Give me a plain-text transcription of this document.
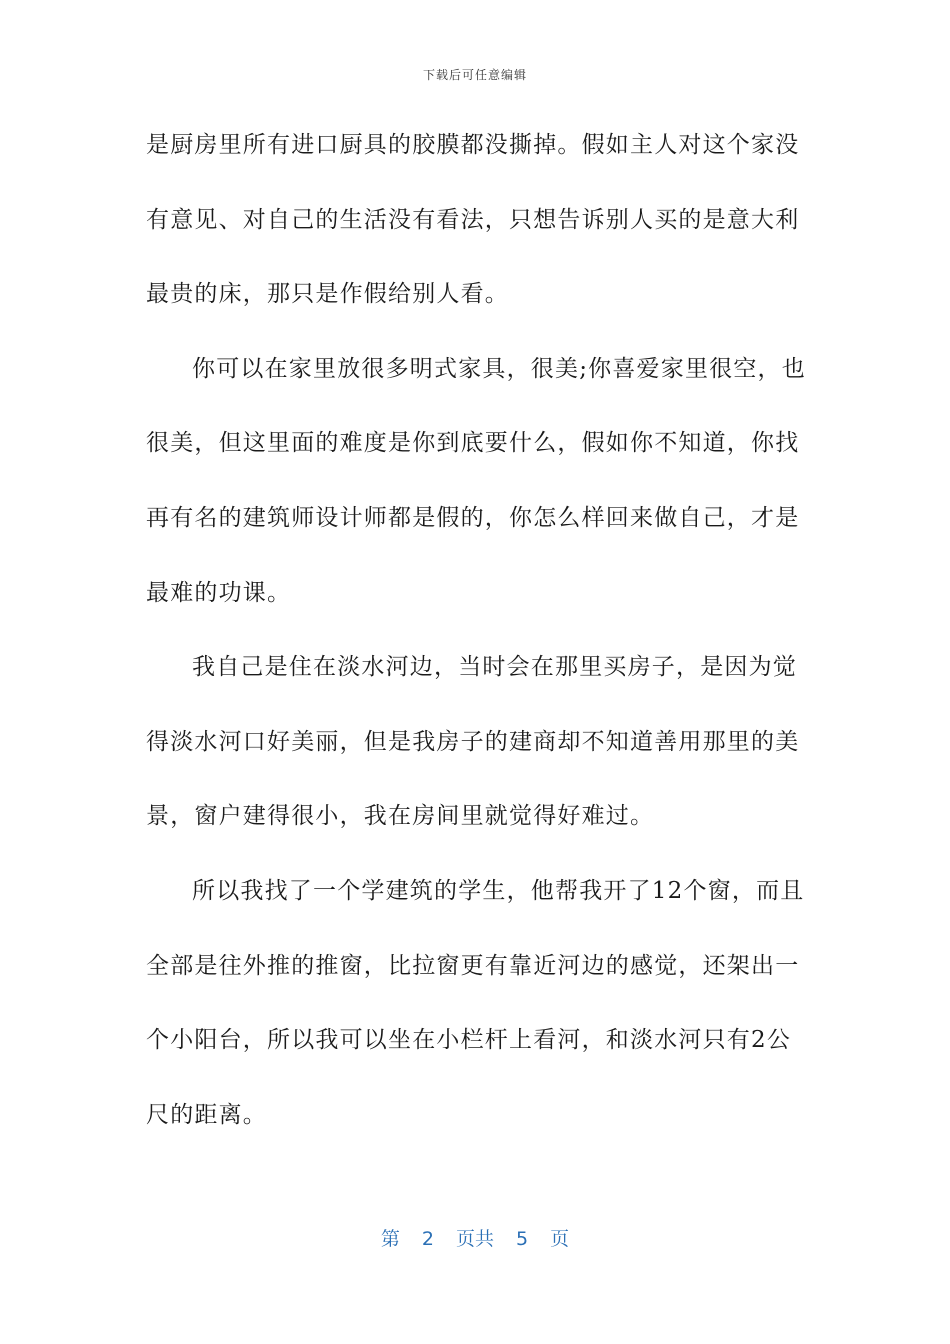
下载后可任意编辑

是厨房里所有进口厨具的胶膜都没撕掉。假如主人对这个家没
有意见、对自己的生活没有看法，只想告诉别人买的是意大利
最贵的床，那只是作假给别人看。

你可以在家里放很多明式家具，很美;你喜爱家里很空，也
很美，但这里面的难度是你到底要什么，假如你不知道，你找
再有名的建筑师设计师都是假的，你怎么样回来做自己，才是
最难的功课。

我自己是住在淡水河边，当时会在那里买房子，是因为觉
得淡水河口好美丽，但是我房子的建商却不知道善用那里的美
景，窗户建得很小，我在房间里就觉得好难过。

所以我找了一个学建筑的学生，他帮我开了12个窗，而且
全部是往外推的推窗，比拉窗更有靠近河边的感觉，还架出一
个小阳台，所以我可以坐在小栏杆上看河，和淡水河只有2公
尺的距离。

第 2 页共 5 页
